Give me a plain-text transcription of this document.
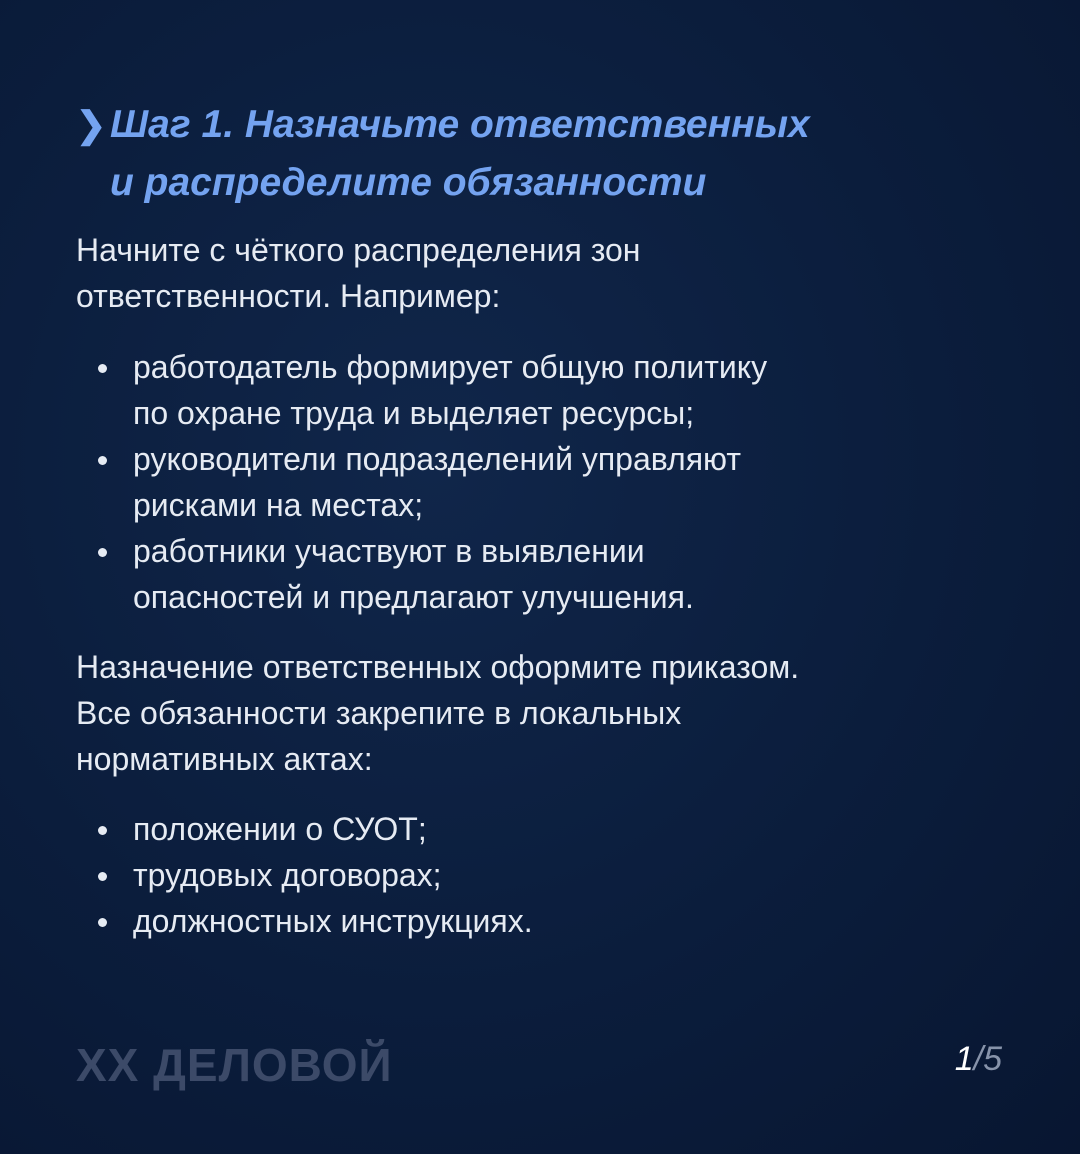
❯ Шаг 1. Назначьте ответственных
и распределите обязанности
Начните с чёткого распределения зон
ответственности. Например:
работодатель формирует общую политику
по охране труда и выделяет ресурсы;
руководители подразделений управляют
рисками на местах;
работники участвуют в выявлении
опасностей и предлагают улучшения.
Назначение ответственных оформите приказом.
Все обязанности закрепите в локальных
нормативных актах:
положении о СУОТ;
трудовых договорах;
должностных инструкциях.
XX ДЕЛОВОЙ	1/5
